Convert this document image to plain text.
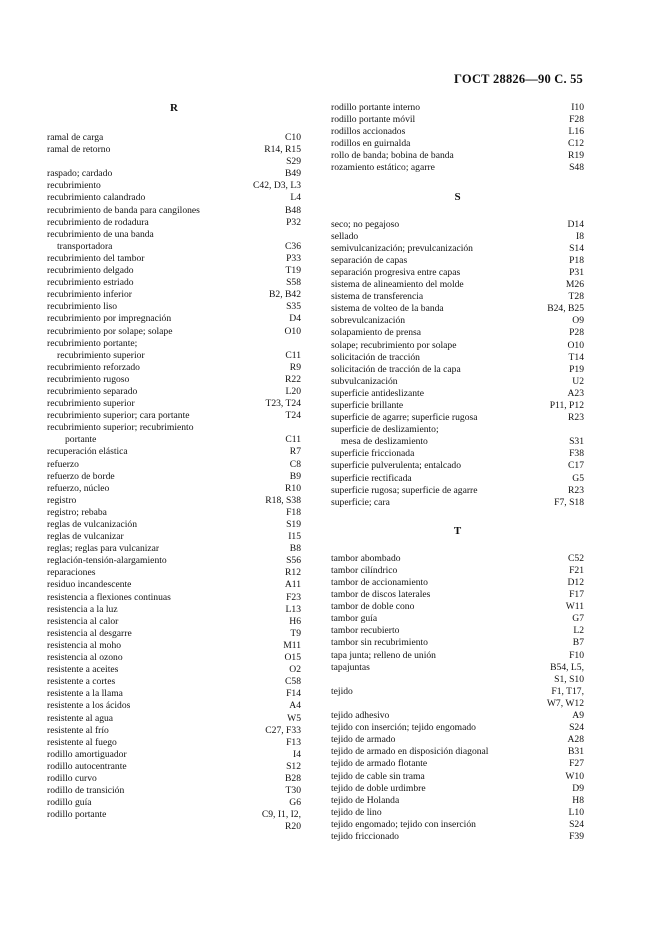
ГОСТ 28826—90 С. 55
R
ramal de carga	C10
ramal de retorno	R14, R15

S29
raspado; cardado	B49
recubrimiento	C42, D3, L3
recubrimiento calandrado	L4
recubrimiento de banda para cangilones	B48
recubrimiento de rodadura	P32
recubrimiento de una banda
transportadora	C36
recubrimiento del tambor	P33
recubrimiento delgado	T19
recubrimiento estriado	S58
recubrimiento inferior	B2, B42
recubrimiento liso	S35
recubrimiento por impregnación	D4
recubrimiento por solape; solape	O10
recubrimiento portante;
recubrimiento superior	C11
recubrimiento reforzado	R9
recubrimiento rugoso	R22
recubrimiento separado	L20
recubrimiento superior	T23, T24
recubrimiento superior; cara portante	T24
recubrimiento superior; recubrimiento
portante	C11
recuperación elástica	R7
refuerzo	C8
refuerzo de borde	B9
refuerzo, núcleo	R10
registro	R18, S38
registro; rebaba	F18
reglas de vulcanización	S19
reglas de vulcanizar	I15
reglas; reglas para vulcanizar	B8
reglación-tensión-alargamiento	S56
reparaciones	R12
residuo incandescente	A11
resistencia a flexiones continuas	F23
resistencia a la luz	L13
resistencia al calor	H6
resistencia al desgarre	T9
resistencia al moho	M11
resistencia al ozono	O15
resistente a aceites	O2
resistente a cortes	C58
resistente a la llama	F14
resistente a los ácidos	A4
resistente al agua	W5
resistente al frío	C27, F33
resistente al fuego	F13
rodillo amortiguador	I4
rodillo autocentrante	S12
rodillo curvo	B28
rodillo de transición	T30
rodillo guía	G6
rodillo portante	C9, I1, I2,

R20
rodillo portante interno	I10
rodillo portante móvil	F28
rodillos accionados	L16
rodillos en guirnalda	C12
rollo de banda; bobina de banda	R19
rozamiento estático; agarre	S48
S
seco; no pegajoso	D14
sellado	I8
semivulcanización; prevulcanización	S14
separación de capas	P18
separación progresiva entre capas	P31
sistema de alineamiento del molde	M26
sistema de transferencia	T28
sistema de volteo de la banda	B24, B25
sobrevulcanización	O9
solapamiento de prensa	P28
solape; recubrimiento por solape	O10
solicitación de tracción	T14
solicitación de tracción de la capa	P19
subvulcanización	U2
superficie antideslizante	A23
superficie brillante	P11, P12
superficie de agarre; superficie rugosa	R23
superficie de deslizamiento;
mesa de deslizamiento	S31
superficie friccionada	F38
superficie pulverulenta; entalcado	C17
superficie rectificada	G5
superficie rugosa; superficie de agarre	R23
superficie; cara	F7, S18
T
tambor abombado	C52
tambor cilíndrico	F21
tambor de accionamiento	D12
tambor de discos laterales	F17
tambor de doble cono	W11
tambor guía	G7
tambor recubierto	L2
tambor sin recubrimiento	B7
tapa junta; relleno de unión	F10
tapajuntas	B54, L5,

S1, S10
tejido	F1, T17,

W7, W12
tejido adhesivo	A9
tejido con inserción; tejido engomado	S24
tejido de armado	A28
tejido de armado en disposición diagonal	B31
tejido de armado flotante	F27
tejido de cable sin trama	W10
tejido de doble urdimbre	D9
tejido de Holanda	H8
tejido de lino	L10
tejido engomado; tejido con inserción	S24
tejido friccionado	F39
